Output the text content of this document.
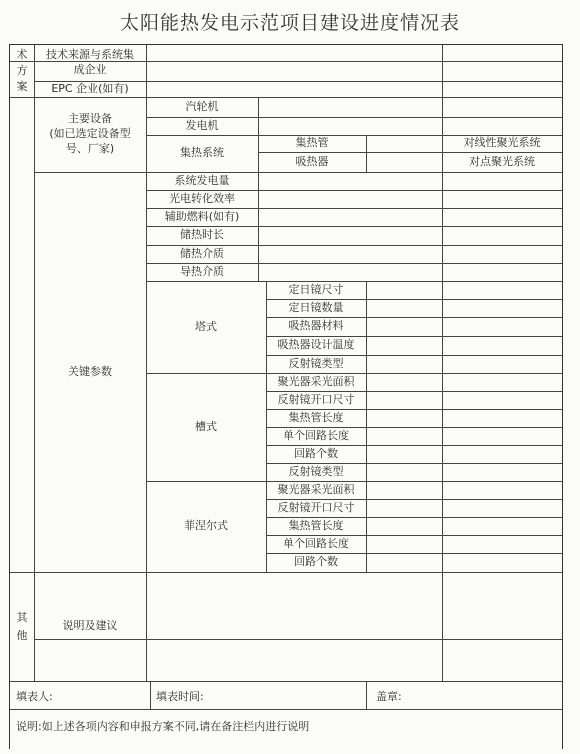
太阳能热发电示范项目建设进度情况表
术
方
案
其
他
技术来源与系统集
成企业
EPC 企业(如有)
主要设备
(如已选定设备型
号、厂家)
汽轮机
发电机
集热系统
集热管
吸热器
对线性聚光系统
对点聚光系统
关键参数
系统发电量
光电转化效率
辅助燃料(如有)
储热时长
储热介质
导热介质
塔式
定日镜尺寸
定日镜数量
吸热器材料
吸热器设计温度
反射镜类型
槽式
聚光器采光面积
反射镜开口尺寸
集热管长度
单个回路长度
回路个数
反射镜类型
菲涅尔式
聚光器采光面积
反射镜开口尺寸
集热管长度
单个回路长度
回路个数
说明及建议
填表人:	填表时间:	盖章:
说明:如上述各项内容和申报方案不同,请在备注栏内进行说明
